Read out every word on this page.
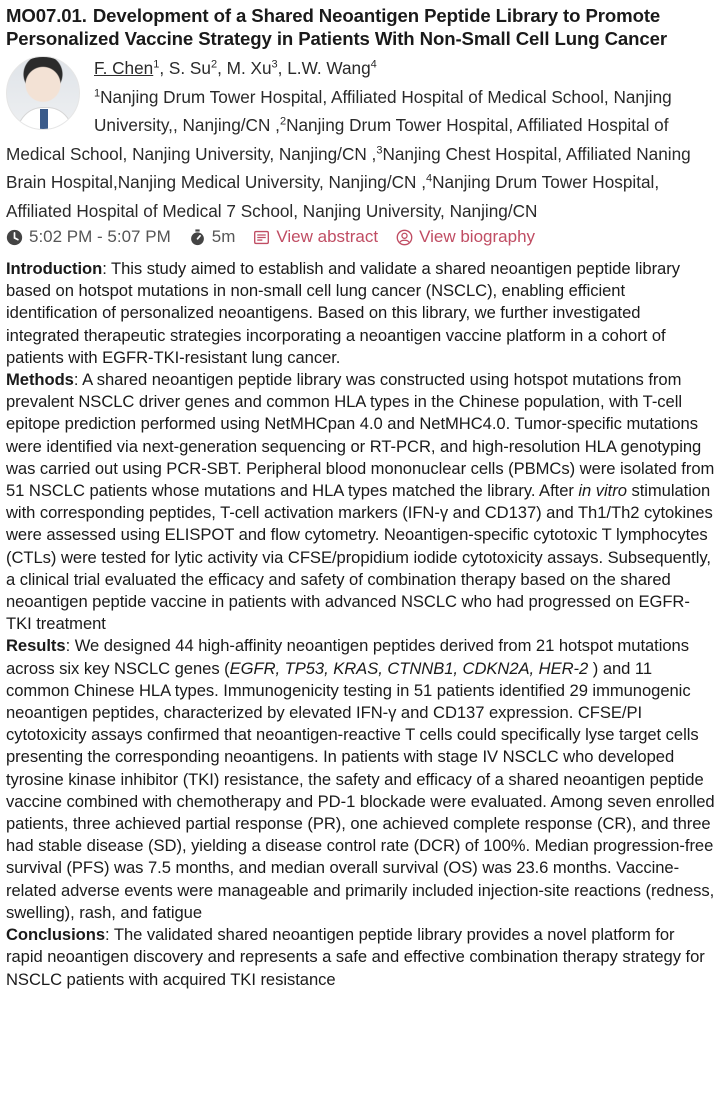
MO07.01. Development of a Shared Neoantigen Peptide Library to Promote Personalized Vaccine Strategy in Patients With Non-Small Cell Lung Cancer
F. Chen$^1$, S. Su$^2$, M. Xu$^3$, L.W. Wang$^4$
$^1$Nanjing Drum Tower Hospital, Affiliated Hospital of Medical School, Nanjing
University,, Nanjing/CN ,$^2$Nanjing Drum Tower Hospital, Affiliated Hospital of
Medical School, Nanjing University, Nanjing/CN ,$^3$Nanjing Chest Hospital, Affiliated Naning
Brain Hospital,Nanjing Medical University, Nanjing/CN ,$^4$Nanjing Drum Tower Hospital,
Affiliated Hospital of Medical 7 School, Nanjing University, Nanjing/CN
5:02 PM - 5:07 PM 5m View abstract View biography

Introduction: This study aimed to establish and validate a shared neoantigen peptide library based on hotspot mutations in non-small cell lung cancer (NSCLC), enabling efficient identification of personalized neoantigens. Based on this library, we further investigated integrated therapeutic strategies incorporating a neoantigen vaccine platform in a cohort of patients with EGFR-TKI-resistant lung cancer.

Methods: A shared neoantigen peptide library was constructed using hotspot mutations from prevalent NSCLC driver genes and common HLA types in the Chinese population, with T-cell epitope prediction performed using NetMHCpan 4.0 and NetMHC4.0. Tumor-specific mutations were identified via next-generation sequencing or RT-PCR, and high-resolution HLA genotyping was carried out using PCR-SBT. Peripheral blood mononuclear cells (PBMCs) were isolated from 51 NSCLC patients whose mutations and HLA types matched the library. After in vitro stimulation with corresponding peptides, T-cell activation markers (IFN-γ and CD137) and Th1/Th2 cytokines were assessed using ELISPOT and flow cytometry. Neoantigen-specific cytotoxic T lymphocytes (CTLs) were tested for lytic activity via CFSE/propidium iodide cytotoxicity assays. Subsequently, a clinical trial evaluated the efficacy and safety of combination therapy based on the shared neoantigen peptide vaccine in patients with advanced NSCLC who had progressed on EGFR-TKI treatment

Results: We designed 44 high-affinity neoantigen peptides derived from 21 hotspot mutations across six key NSCLC genes (EGFR, TP53, KRAS, CTNNB1, CDKN2A, HER-2 ) and 11 common Chinese HLA types. Immunogenicity testing in 51 patients identified 29 immunogenic neoantigen peptides, characterized by elevated IFN-γ and CD137 expression. CFSE/PI cytotoxicity assays confirmed that neoantigen-reactive T cells could specifically lyse target cells presenting the corresponding neoantigens. In patients with stage IV NSCLC who developed tyrosine kinase inhibitor (TKI) resistance, the safety and efficacy of a shared neoantigen peptide vaccine combined with chemotherapy and PD-1 blockade were evaluated. Among seven enrolled patients, three achieved partial response (PR), one achieved complete response (CR), and three had stable disease (SD), yielding a disease control rate (DCR) of 100%. Median progression-free survival (PFS) was 7.5 months, and median overall survival (OS) was 23.6 months. Vaccine-related adverse events were manageable and primarily included injection-site reactions (redness, swelling), rash, and fatigue

Conclusions: The validated shared neoantigen peptide library provides a novel platform for rapid neoantigen discovery and represents a safe and effective combination therapy strategy for NSCLC patients with acquired TKI resistance
